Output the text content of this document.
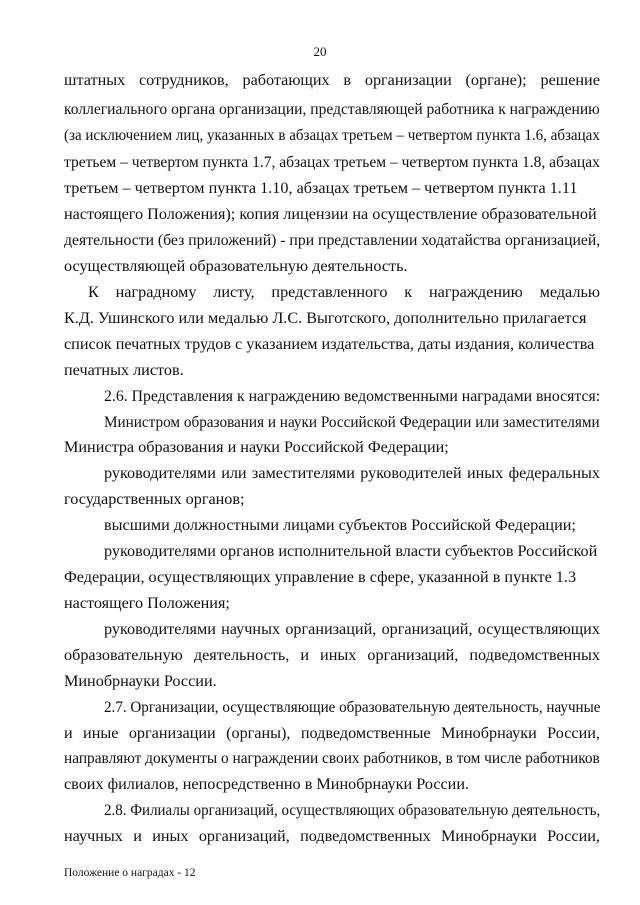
20
штатных сотрудников, работающих в организации (органе); решение
коллегиального органа организации, представляющей работника к награждению
(за исключением лиц, указанных в абзацах третьем – четвертом пункта 1.6, абзацах
третьем – четвертом пункта 1.7, абзацах третьем – четвертом пункта 1.8, абзацах
третьем – четвертом пункта 1.10, абзацах третьем – четвертом пункта 1.11
настоящего Положения); копия лицензии на осуществление образовательной
деятельности (без приложений) - при представлении ходатайства организацией,
осуществляющей образовательную деятельность.
К наградному листу, представленного к награждению медалью
К.Д. Ушинского или медалью Л.С. Выготского, дополнительно прилагается
список печатных трудов с указанием издательства, даты издания, количества
печатных листов.
2.6. Представления к награждению ведомственными наградами вносятся:
Министром образования и науки Российской Федерации или заместителями
Министра образования и науки Российской Федерации;
руководителями или заместителями руководителей иных федеральных
государственных органов;
высшими должностными лицами субъектов Российской Федерации;
руководителями органов исполнительной власти субъектов Российской
Федерации, осуществляющих управление в сфере, указанной в пункте 1.3
настоящего Положения;
руководителями научных организаций, организаций, осуществляющих
образовательную деятельность, и иных организаций, подведомственных
Минобрнауки России.
2.7. Организации, осуществляющие образовательную деятельность, научные
и иные организации (органы), подведомственные Минобрнауки России,
направляют документы о награждении своих работников, в том числе работников
своих филиалов, непосредственно в Минобрнауки России.
2.8. Филиалы организаций, осуществляющих образовательную деятельность,
научных и иных организаций, подведомственных Минобрнауки России,
Положение о наградах - 12
